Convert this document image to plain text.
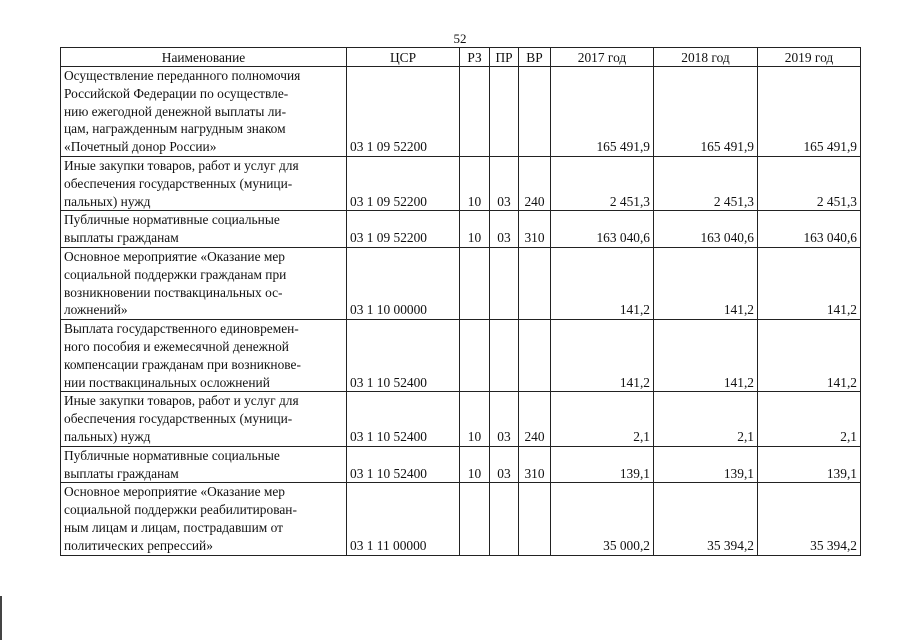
52
Наименование	ЦСР	РЗ	ПР	ВР	2017 год	2018 год	2019 год

Осуществление переданного полномочия
Российской Федерации по осуществле-
нию ежегодной денежной выплаты ли-
цам, награжденным нагрудным знаком
«Почетный донор России»	03 1 09 52200				165 491,9	165 491,9	165 491,9

Иные закупки товаров, работ и услуг для
обеспечения государственных (муници-
пальных) нужд	03 1 09 52200	10	03	240	2 451,3	2 451,3	2 451,3

Публичные нормативные социальные
выплаты гражданам	03 1 09 52200	10	03	310	163 040,6	163 040,6	163 040,6

Основное мероприятие «Оказание мер
социальной поддержки гражданам при
возникновении поствакцинальных ос-
ложнений»	03 1 10 00000				141,2	141,2	141,2

Выплата государственного единовремен-
ного пособия и ежемесячной денежной
компенсации гражданам при возникнове-
нии поствакцинальных осложнений	03 1 10 52400				141,2	141,2	141,2

Иные закупки товаров, работ и услуг для
обеспечения государственных (муници-
пальных) нужд	03 1 10 52400	10	03	240	2,1	2,1	2,1

Публичные нормативные социальные
выплаты гражданам	03 1 10 52400	10	03	310	139,1	139,1	139,1

Основное мероприятие «Оказание мер
социальной поддержки реабилитирован-
ным лицам и лицам, пострадавшим от
политических репрессий»	03 1 11 00000				35 000,2	35 394,2	35 394,2
